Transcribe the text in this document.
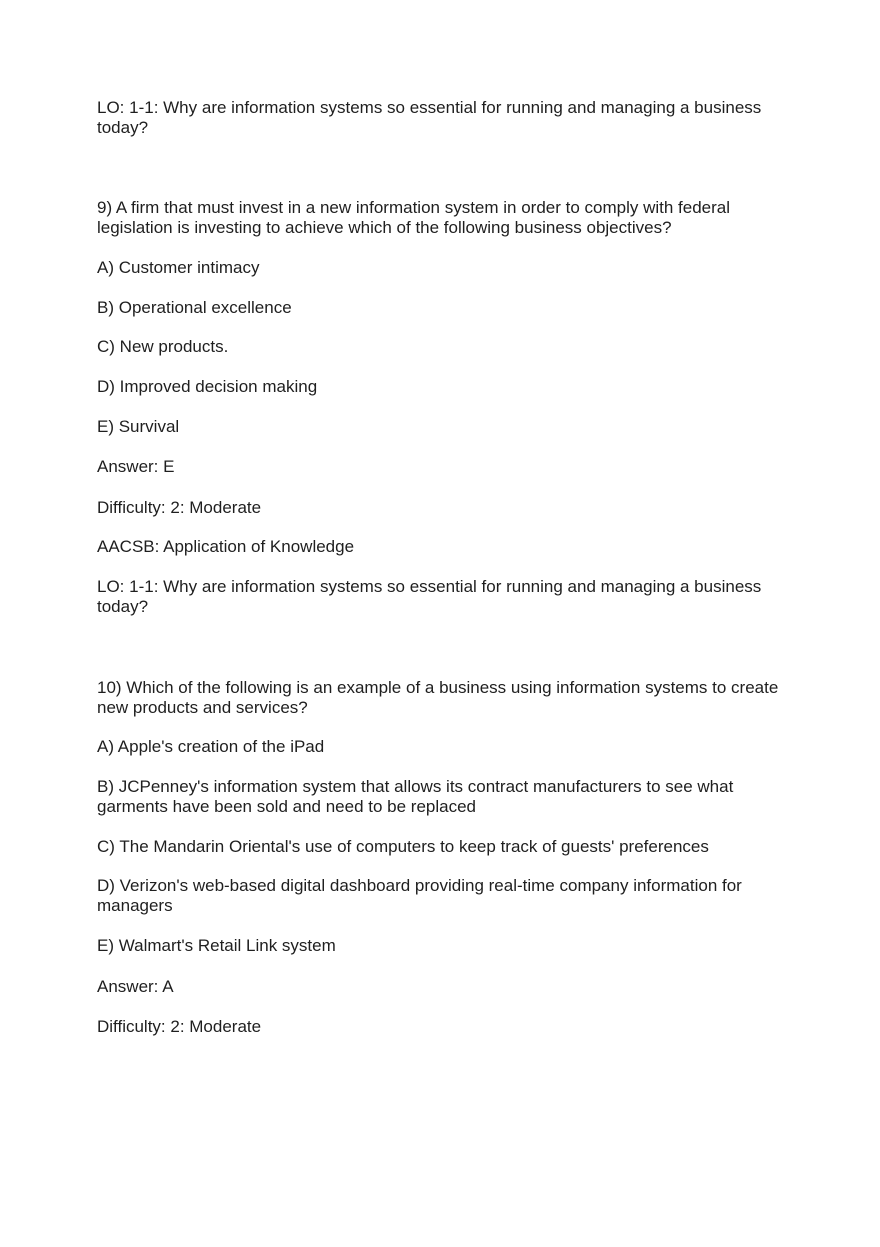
LO: 1-1: Why are information systems so essential for running and managing a business today?

9) A firm that must invest in a new information system in order to comply with federal legislation is investing to achieve which of the following business objectives?

A) Customer intimacy

B) Operational excellence

C) New products.

D) Improved decision making

E) Survival

Answer: E

Difficulty: 2: Moderate

AACSB: Application of Knowledge

LO: 1-1: Why are information systems so essential for running and managing a business today?

10) Which of the following is an example of a business using information systems to create new products and services?

A) Apple's creation of the iPad

B) JCPenney's information system that allows its contract manufacturers to see what garments have been sold and need to be replaced

C) The Mandarin Oriental's use of computers to keep track of guests' preferences

D) Verizon's web-based digital dashboard providing real-time company information for managers

E) Walmart's Retail Link system

Answer: A

Difficulty: 2: Moderate
